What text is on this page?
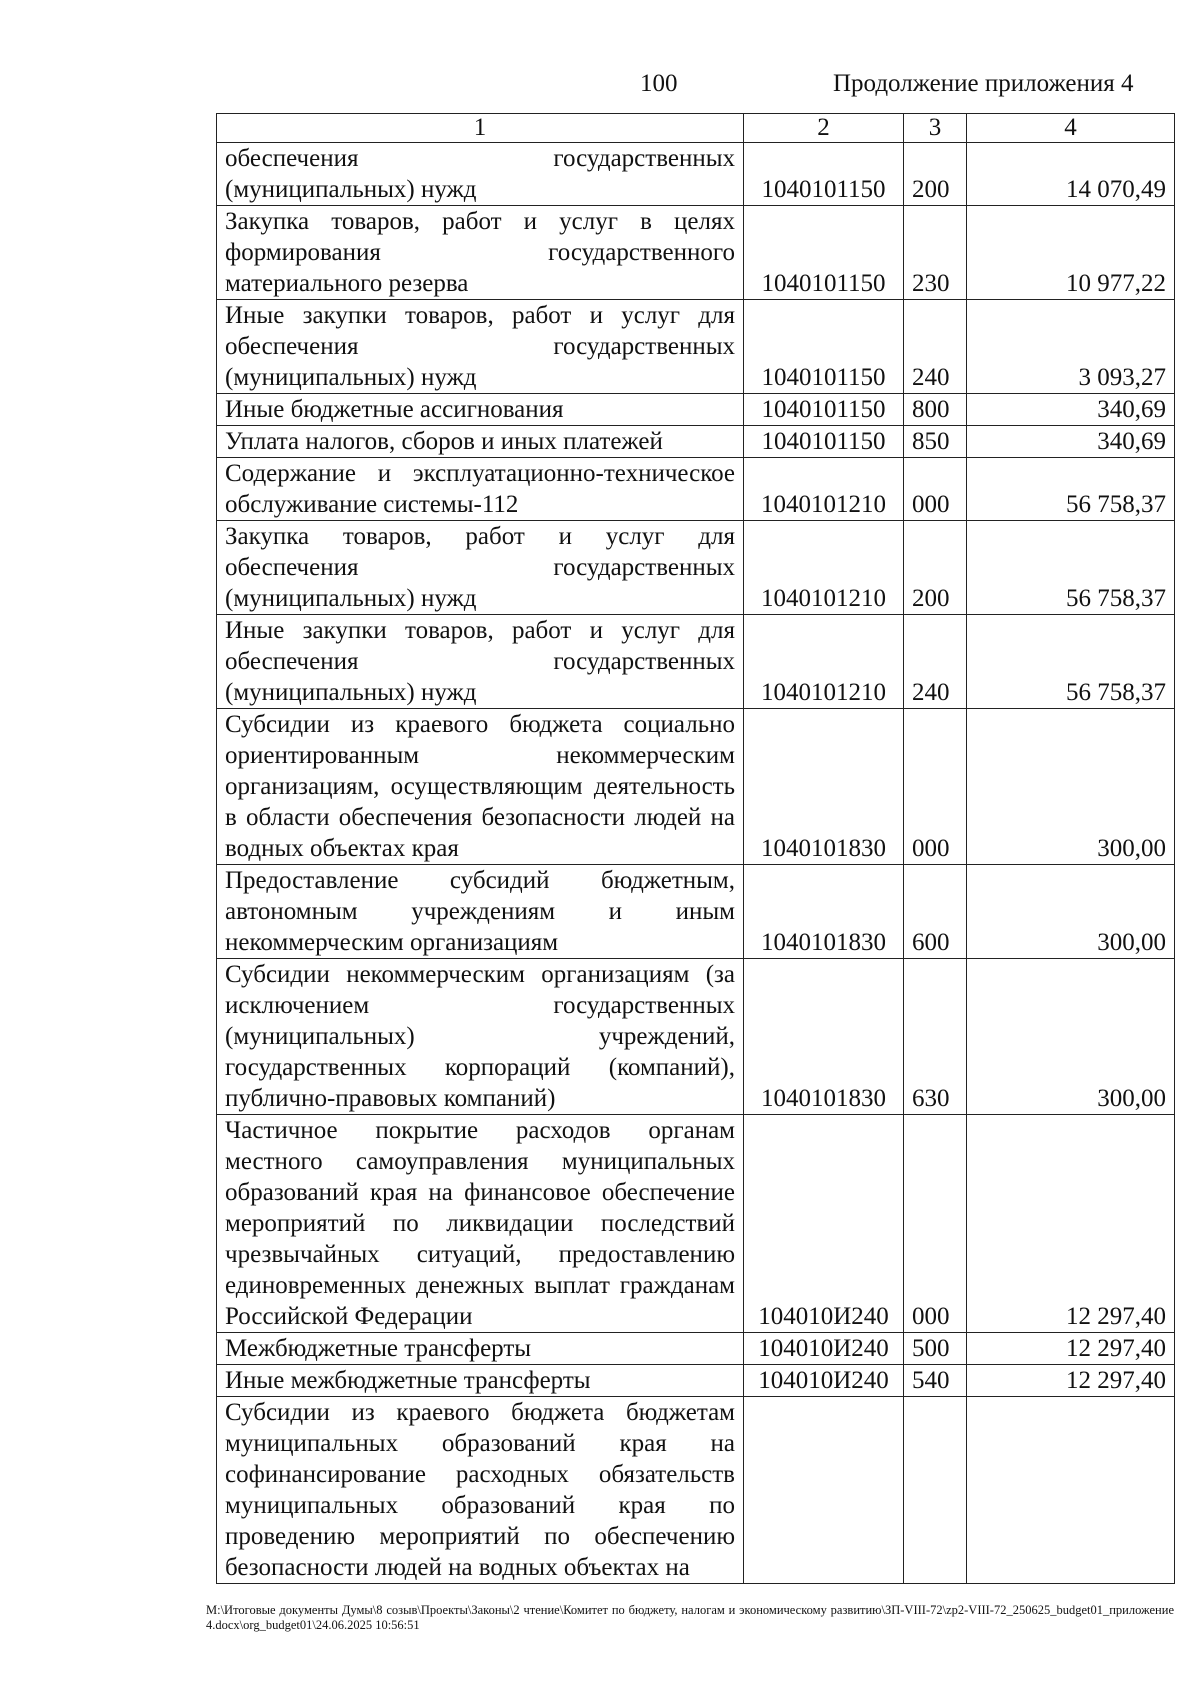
100	Продолжение приложения 4
1	2	3	4
обеспечения государственных (муниципальных) нужд	1040101150	200	14 070,49
Закупка товаров, работ и услуг в целях формирования государственного материального резерва	1040101150	230	10 977,22
Иные закупки товаров, работ и услуг для обеспечения государственных (муниципальных) нужд	1040101150	240	3 093,27
Иные бюджетные ассигнования	1040101150	800	340,69
Уплата налогов, сборов и иных платежей	1040101150	850	340,69
Содержание и эксплуатационно-техническое обслуживание системы-112	1040101210	000	56 758,37
Закупка товаров, работ и услуг для обеспечения государственных (муниципальных) нужд	1040101210	200	56 758,37
Иные закупки товаров, работ и услуг для обеспечения государственных (муниципальных) нужд	1040101210	240	56 758,37
Субсидии из краевого бюджета социально ориентированным некоммерческим организациям, осуществляющим деятельность в области обеспечения безопасности людей на водных объектах края	1040101830	000	300,00
Предоставление субсидий бюджетным, автономным учреждениям и иным некоммерческим организациям	1040101830	600	300,00
Субсидии некоммерческим организациям (за исключением государственных (муниципальных) учреждений, государственных корпораций (компаний), публично-правовых компаний)	1040101830	630	300,00
Частичное покрытие расходов органам местного самоуправления муниципальных образований края на финансовое обеспечение мероприятий по ликвидации последствий чрезвычайных ситуаций, предоставлению единовременных денежных выплат гражданам Российской Федерации	104010И240	000	12 297,40
Межбюджетные трансферты	104010И240	500	12 297,40
Иные межбюджетные трансферты	104010И240	540	12 297,40
Субсидии из краевого бюджета бюджетам муниципальных образований края на софинансирование расходных обязательств муниципальных образований края по проведению мероприятий по обеспечению безопасности людей на водных объектах на			
M:\Итоговые документы Думы\8 созыв\Проекты\Законы\2 чтение\Комитет по бюджету, налогам и экономическому развитию\ЗП-VIII-72\zp2-VIII-72_250625_budget01_приложение4.docx\org_budget01\24.06.2025 10:56:51
